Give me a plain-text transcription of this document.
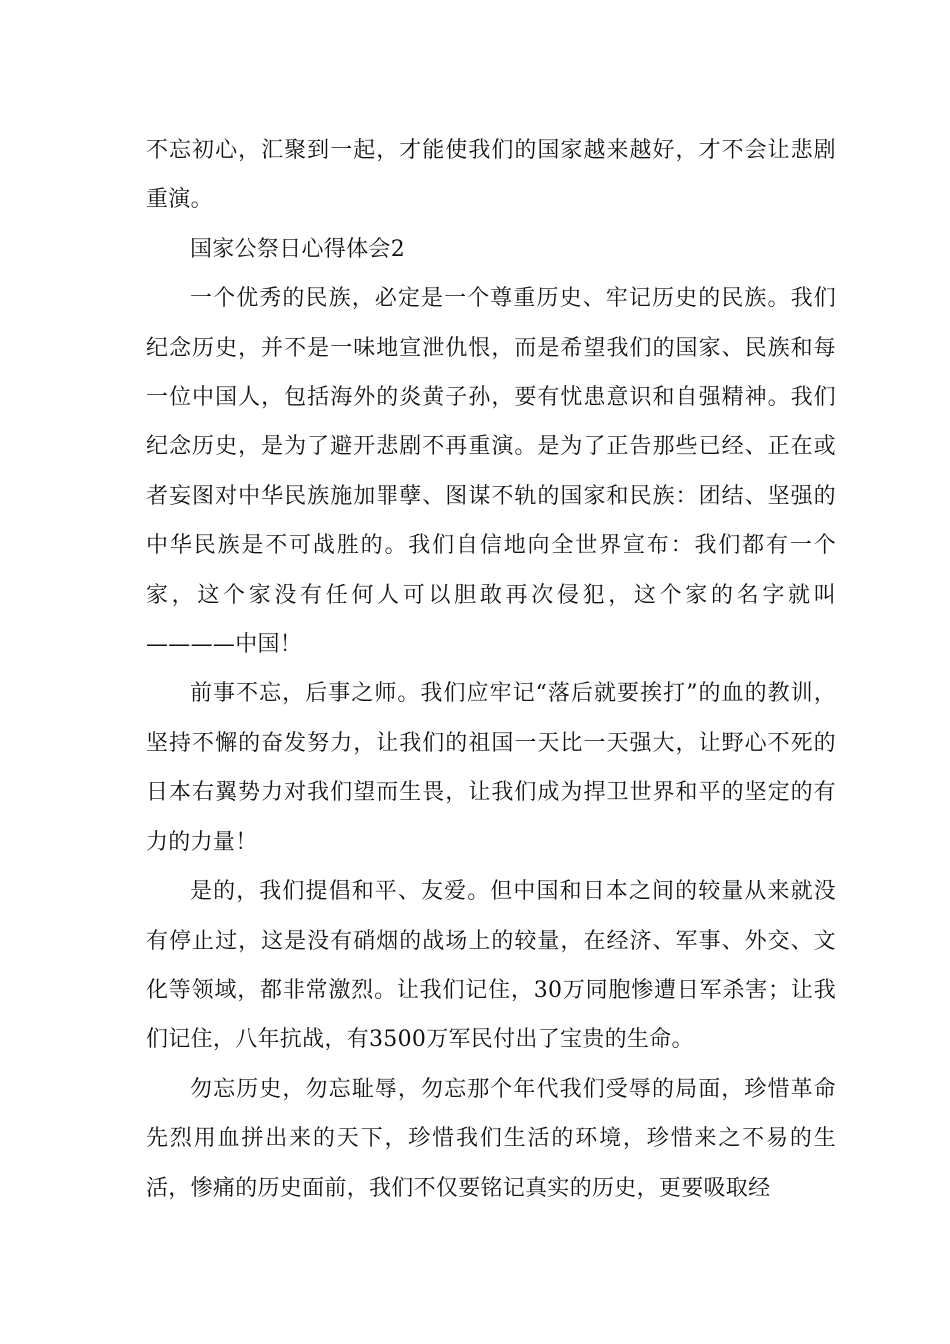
不忘初心，汇聚到一起，才能使我们的国家越来越好，才不会让悲剧重演。

国家公祭日心得体会2

一个优秀的民族，必定是一个尊重历史、牢记历史的民族。我们纪念历史，并不是一味地宣泄仇恨，而是希望我们的国家、民族和每一位中国人，包括海外的炎黄子孙，要有忧患意识和自强精神。我们纪念历史，是为了避开悲剧不再重演。是为了正告那些已经、正在或者妄图对中华民族施加罪孽、图谋不轨的国家和民族：团结、坚强的中华民族是不可战胜的。我们自信地向全世界宣布：我们都有一个家，这个家没有任何人可以胆敢再次侵犯，这个家的名字就叫————中国！

前事不忘，后事之师。我们应牢记“落后就要挨打”的血的教训，坚持不懈的奋发努力，让我们的祖国一天比一天强大，让野心不死的日本右翼势力对我们望而生畏，让我们成为捍卫世界和平的坚定的有力的力量！

是的，我们提倡和平、友爱。但中国和日本之间的较量从来就没有停止过，这是没有硝烟的战场上的较量，在经济、军事、外交、文化等领域，都非常激烈。让我们记住，30万同胞惨遭日军杀害；让我们记住，八年抗战，有3500万军民付出了宝贵的生命。

勿忘历史，勿忘耻辱，勿忘那个年代我们受辱的局面，珍惜革命先烈用血拼出来的天下，珍惜我们生活的环境，珍惜来之不易的生活，惨痛的历史面前，我们不仅要铭记真实的历史，更要吸取经
